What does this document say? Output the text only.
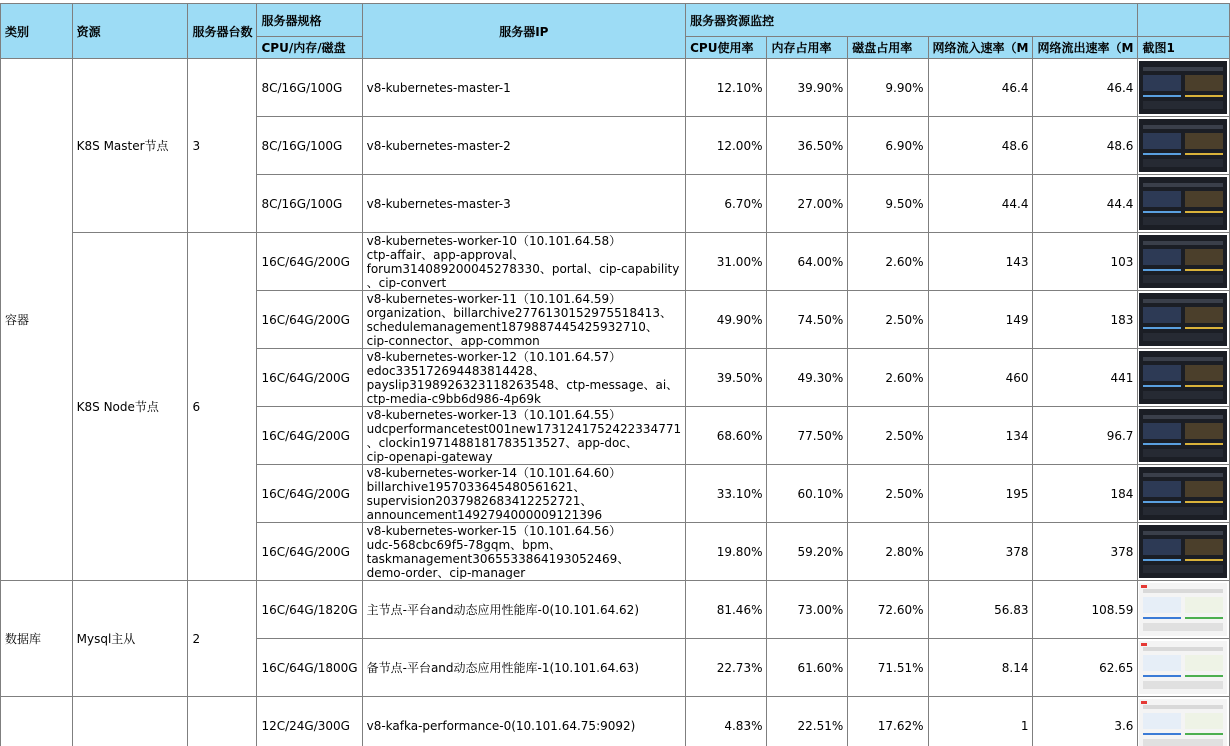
类别	资源	服务器台数	服务器规格	服务器IP	服务器资源监控					
			CPU/内存/磁盘		CPU使用率	内存占用率	磁盘占用率	网络流入速率（M	网络流出速率（M	截图1
容器	K8S Master节点	3	8C/16G/100G	v8-kubernetes-master-1	12.10%	39.90%	9.90%	46.4	46.4	

			8C/16G/100G	v8-kubernetes-master-2	12.00%	36.50%	6.90%	48.6	48.6	

			8C/16G/100G	v8-kubernetes-master-3	6.70%	27.00%	9.50%	44.4	44.4	

	K8S Node节点	6	16C/64G/200G	v8-kubernetes-worker-10（10.101.64.58）
ctp-affair、app-approval、
forum314089200045278330、portal、cip-capability
、cip-convert	31.00%	64.00%	2.60%	143	103	

			16C/64G/200G	v8-kubernetes-worker-11（10.101.64.59）
organization、billarchive2776130152975518413、
schedulemanagement1879887445425932710、
cip-connector、app-common	49.90%	74.50%	2.50%	149	183	

			16C/64G/200G	v8-kubernetes-worker-12（10.101.64.57）
edoc335172694483814428、
payslip3198926323118263548、ctp-message、ai、
ctp-media-c9bb6d986-4p69k	39.50%	49.30%	2.60%	460	441	

			16C/64G/200G	v8-kubernetes-worker-13（10.101.64.55）
udcperformancetest001new1731241752422334771
、clockin1971488181783513527、app-doc、
cip-openapi-gateway	68.60%	77.50%	2.50%	134	96.7	

			16C/64G/200G	v8-kubernetes-worker-14（10.101.64.60）
billarchive1957033645480561621、
supervision2037982683412252721、
announcement1492794000009121396	33.10%	60.10%	2.50%	195	184	

			16C/64G/200G	v8-kubernetes-worker-15（10.101.64.56）
udc-568cbc69f5-78gqm、bpm、
taskmanagement3065533864193052469、
demo-order、cip-manager	19.80%	59.20%	2.80%	378	378	

数据库	Mysql主从	2	16C/64G/1820G	主节点-平台and动态应用性能库-0(10.101.64.62)	81.46%	73.00%	72.60%	56.83	108.59	

			16C/64G/1800G	备节点-平台and动态应用性能库-1(10.101.64.63)	22.73%	61.60%	71.51%	8.14	62.65	

			12C/24G/300G	v8-kafka-performance-0(10.101.64.75:9092)	4.83%	22.51%	17.62%	1	3.6	
